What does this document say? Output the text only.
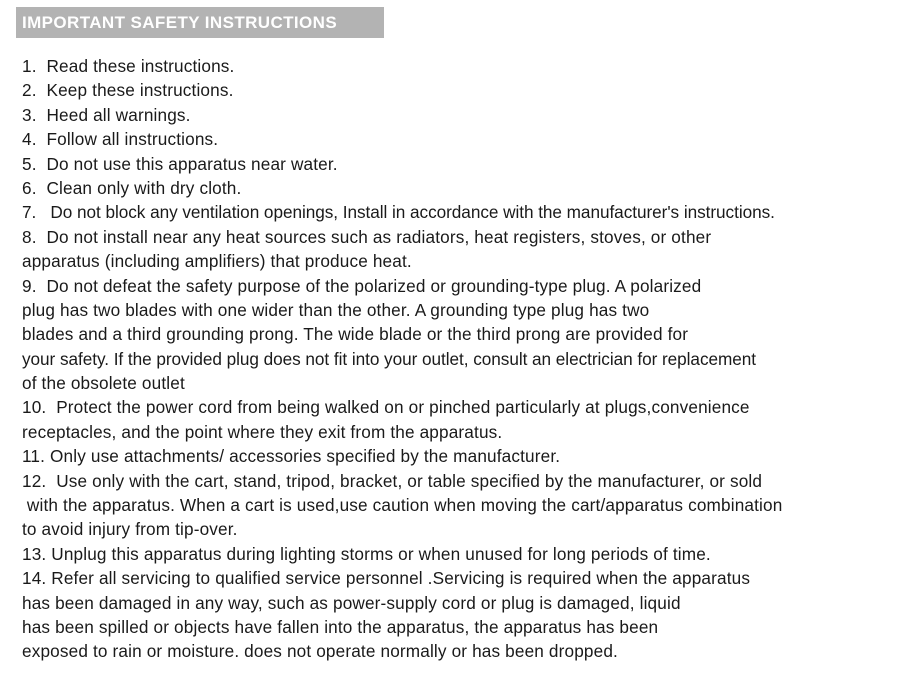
IMPORTANT SAFETY INSTRUCTIONS
1.  Read these instructions.
2.  Keep these instructions.
3.  Heed all warnings.
4.  Follow all instructions.
5.  Do not use this apparatus near water.
6.  Clean only with dry cloth.
7.   Do not block any ventilation openings, Install in accordance with the manufacturer's instructions.
8.  Do not install near any heat sources such as radiators, heat registers, stoves, or other
apparatus (including amplifiers) that produce heat.
9.  Do not defeat the safety purpose of the polarized or grounding-type plug. A polarized
plug has two blades with one wider than the other. A grounding type plug has two
blades and a third grounding prong. The wide blade or the third prong are provided for
your safety. If the provided plug does not fit into your outlet, consult an electrician for replacement
of the obsolete outlet
10.  Protect the power cord from being walked on or pinched particularly at plugs,convenience
receptacles, and the point where they exit from the apparatus.
11. Only use attachments/ accessories specified by the manufacturer.
12.  Use only with the cart, stand, tripod, bracket, or table specified by the manufacturer, or sold
with the apparatus. When a cart is used,use caution when moving the cart/apparatus combination
to avoid injury from tip-over.
13. Unplug this apparatus during lighting storms or when unused for long periods of time.
14. Refer all servicing to qualified service personnel .Servicing is required when the apparatus
has been damaged in any way, such as power-supply cord or plug is damaged, liquid
has been spilled or objects have fallen into the apparatus, the apparatus has been
exposed to rain or moisture. does not operate normally or has been dropped.
